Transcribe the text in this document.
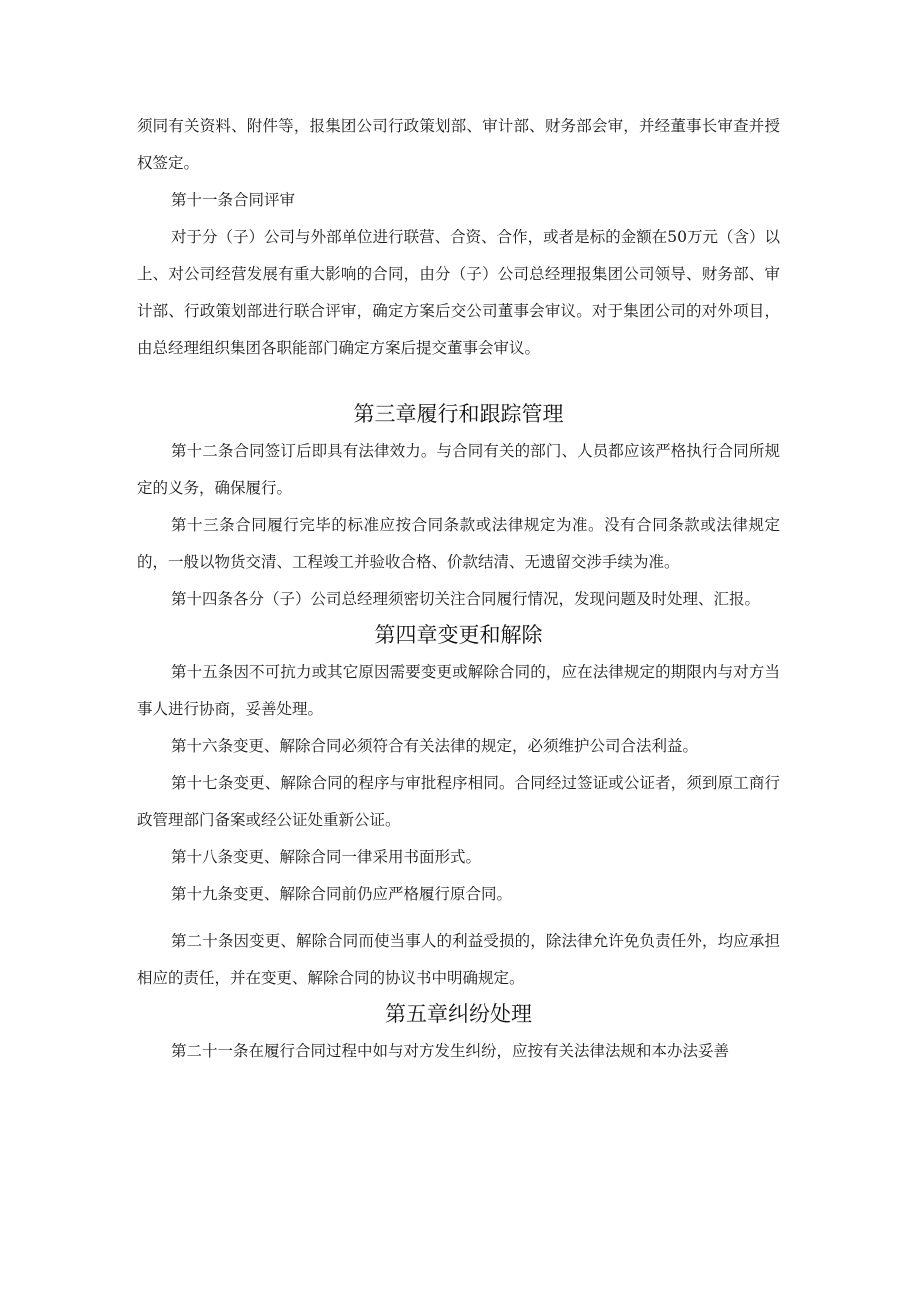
须同有关资料、附件等，报集团公司行政策划部、审计部、财务部会审，并经董事长审查并授权签定。

第十一条合同评审

对于分（子）公司与外部单位进行联营、合资、合作，或者是标的金额在50万元（含）以上、对公司经营发展有重大影响的合同，由分（子）公司总经理报集团公司领导、财务部、审计部、行政策划部进行联合评审，确定方案后交公司董事会审议。对于集团公司的对外项目，由总经理组织集团各职能部门确定方案后提交董事会审议。

第三章履行和跟踪管理

第十二条合同签订后即具有法律效力。与合同有关的部门、人员都应该严格执行合同所规定的义务，确保履行。

第十三条合同履行完毕的标准应按合同条款或法律规定为准。没有合同条款或法律规定的，一般以物货交清、工程竣工并验收合格、价款结清、无遗留交涉手续为准。

第十四条各分（子）公司总经理须密切关注合同履行情况，发现问题及时处理、汇报。

第四章变更和解除

第十五条因不可抗力或其它原因需要变更或解除合同的，应在法律规定的期限内与对方当事人进行协商，妥善处理。

第十六条变更、解除合同必须符合有关法律的规定，必须维护公司合法利益。

第十七条变更、解除合同的程序与审批程序相同。合同经过签证或公证者，须到原工商行政管理部门备案或经公证处重新公证。

第十八条变更、解除合同一律采用书面形式。

第十九条变更、解除合同前仍应严格履行原合同。

第二十条因变更、解除合同而使当事人的利益受损的，除法律允许免负责任外，均应承担相应的责任，并在变更、解除合同的协议书中明确规定。

第五章纠纷处理

第二十一条在履行合同过程中如与对方发生纠纷，应按有关法律法规和本办法妥善
